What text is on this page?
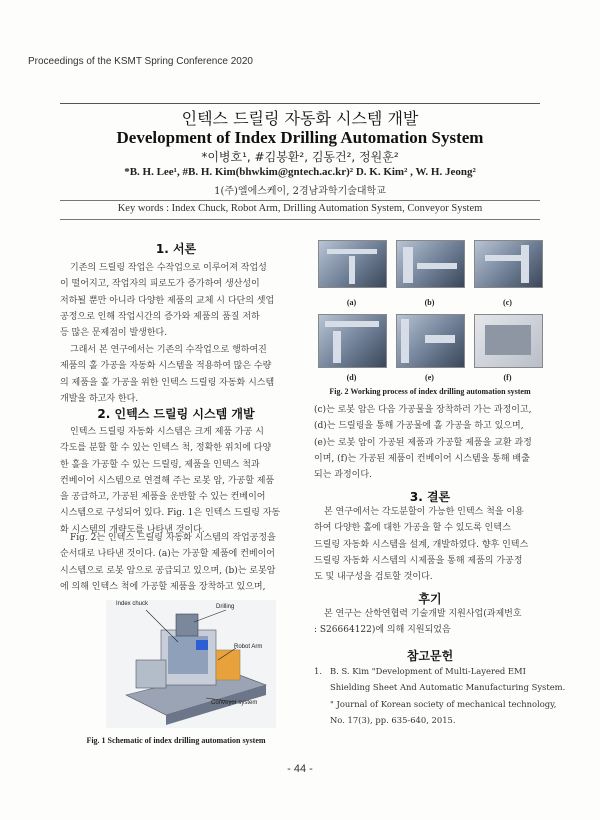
Proceedings of the KSMT Spring Conference 2020
인텍스 드릴링 자동화 시스템 개발
Development of Index Drilling Automation System
*이병호¹, #김봉환², 김동건², 정원훈²
*B. H. Lee¹, #B. H. Kim(bhwkim@gntech.ac.kr)² D. K. Kim² , W. H. Jeong²
1(주)엘에스케이, 2경남과학기술대학교
Key words : Index Chuck, Robot Arm, Drilling Automation System, Conveyor System
1. 서론

기존의 드릴링 작업은 수작업으로 이루어져 작업성
이 떨어지고, 작업자의 피로도가 증가하여 생산성이
저하될 뿐만 아니라 다양한 제품의 교체 시 다단의 셋업
공정으로 인해 작업시간의 증가와 제품의 품질 저하
등 많은 문제점이 발생한다.

그래서 본 연구에서는 기존의 수작업으로 행하여진
제품의 홀 가공을 자동화 시스템을 적용하여 많은 수량
의 제품을 홀 가공을 위한 인텍스 드릴링 자동화 시스템
개발을 하고자 한다.

2. 인텍스 드릴링 시스템 개발

인텍스 드릴링 자동화 시스템은 크게 제품 가공 시
각도를 분할 할 수 있는 인텍스 척, 정확한 위치에 다양
한 홀을 가공할 수 있는 드릴링, 제품을 인텍스 척과
컨베이어 시스템으로 연결해 주는 로봇 암, 가공할 제품
을 공급하고, 가공된 제품을 운반할 수 있는 컨베이어
시스템으로 구성되어 있다. Fig. 1은 인텍스 드릴링 자동
화 시스템의 개략도를 나타낸 것이다.

Fig. 2는 인텍스 드릴링 자동화 시스템의 작업공정을
순서대로 나타낸 것이다. (a)는 가공할 제품에 컨베이어
시스템으로 로봇 암으로 공급되고 있으며, (b)는 로봇암
에 의해 인텍스 척에 가공할 제품을 장착하고 있으며,

Index chuck	Drilling
Robot Arm
Conveyor system
Fig. 1 Schematic of index drilling automation system
(a)	(b)	(c)
(d)	(e)	(f)
Fig. 2 Working process of index drilling automation system

(c)는 로봇 암은 다음 가공물을 장착하러 가는 과정이고,
(d)는 드릴링을 통해 가공물에 홀 가공을 하고 있으며,
(e)는 로봇 암이 가공된 제품과 가공할 제품을 교환 과정
이며, (f)는 가공된 제품이 컨베이어 시스템을 통해 배출
되는 과정이다.

3. 결론

본 연구에서는 각도분할이 가능한 인텍스 척을 이용
하여 다양한 홀에 대한 가공을 할 수 있도록 인텍스
드릴링 자동화 시스템을 설계, 개발하였다. 향후 인텍스
드릴링 자동화 시스템의 시제품을 통해 제품의 가공정
도 및 내구성을 검토할 것이다.

후기

본 연구는 산학연협력 기술개발 지원사업(과제번호
: S26664122)에 의해 지원되었음

참고문헌

1.   B. S. Kim "Development of Multi-Layered EMI
Shielding Sheet And Automatic Manufacturing System.
" Journal of Korean society of mechanical technology,
No. 17(3), pp. 635-640, 2015.

- 44 -
